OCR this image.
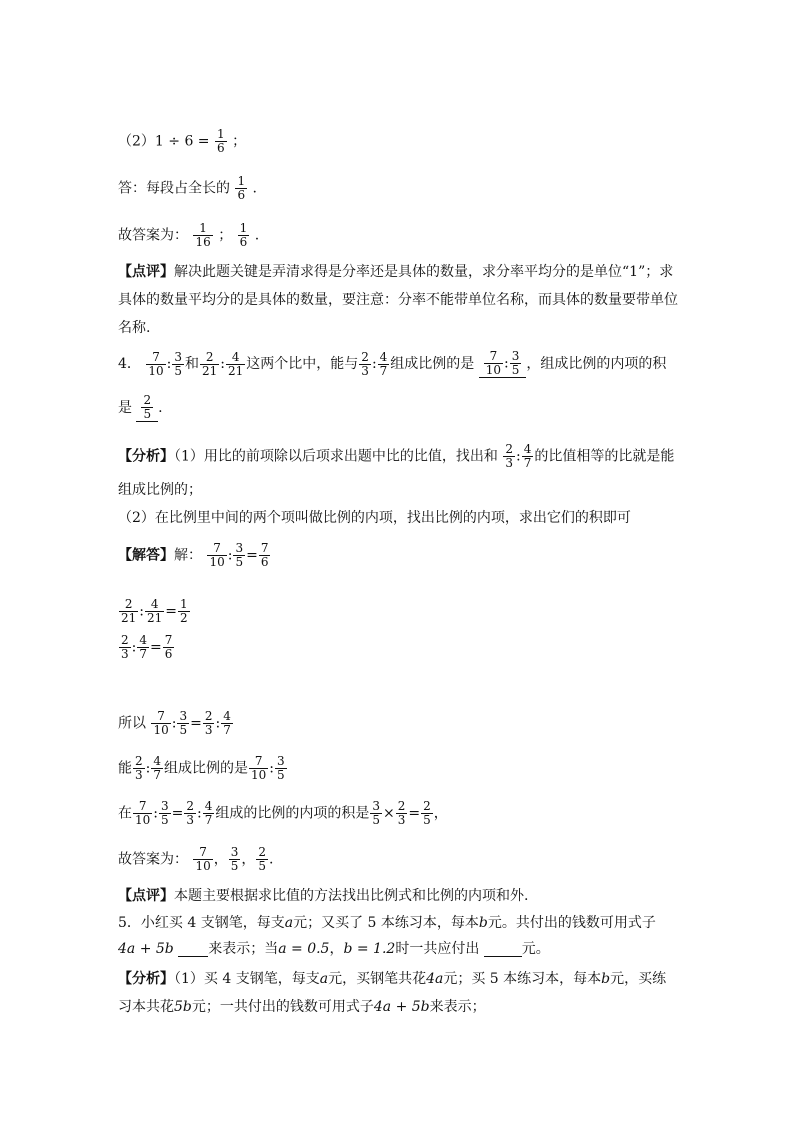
$(2)1 \div 6 = \frac{1}{6}$ ；
答：每段占全长的 $\frac{1}{6}$ .
故答案为： $\frac{1}{16}$ ； $\frac{1}{6}$ .
【点评】解决此题关键是弄清求得是分率还是具体的数量，求分率平均分的是单位“1”；求
具体的数量平均分的是具体的数量，要注意：分率不能带单位名称，而具体的数量要带单位
名称.
4． $\frac{7}{10}$ : $\frac{3}{5}$ 和 $\frac{2}{21}$ : $\frac{4}{21}$ 这两个比中，能与 $\frac{2}{3}$ : $\frac{4}{7}$ 组成比例的是 $\frac{7}{10}$ : $\frac{3}{5}$ ，组成比例的内项的积
是 $\frac{2}{5}$ .
【分析】（1）用比的前项除以后项求出题中比的比值，找出和 $\frac{2}{3}$ : $\frac{4}{7}$ 的比值相等的比就是能
组成比例的；
（2）在比例里中间的两个项叫做比例的内项，找出比例的内项，求出它们的积即可
【解答】解： $\frac{7}{10}$ : $\frac{3}{5} = \frac{7}{6}$
$\frac{2}{21}$ : $\frac{4}{21} = \frac{1}{2}$
$\frac{2}{3}$ : $\frac{4}{7} = \frac{7}{6}$
所以 $\frac{7}{10}$ : $\frac{3}{5} = \frac{2}{3}$ : $\frac{4}{7}$
能 $\frac{2}{3}$ : $\frac{4}{7}$ 组成比例的是 $\frac{7}{10}$ : $\frac{3}{5}$
在 $\frac{7}{10}$ : $\frac{3}{5} = \frac{2}{3}$ : $\frac{4}{7}$ 组成的比例的内项的积是 $\frac{3}{5} \times \frac{2}{3} = \frac{2}{5}$ ，
故答案为： $\frac{7}{10}$ ， $\frac{3}{5}$ ， $\frac{2}{5}$ .
【点评】本题主要根据求比值的方法找出比例式和比例的内项和外.
5．小红买 4 支钢笔，每支a元；又买了 5 本练习本，每本b元。共付出的钱数可用式子
4a + 5b 来表示；当a = 0.5，b = 1.2时一共应付出	元。
【分析】（1）买 4 支钢笔，每支a元，买钢笔共花4a元；买 5 本练习本，每本b元，买练
习本共花5b元；一共付出的钱数可用式子4a + 5b来表示；
